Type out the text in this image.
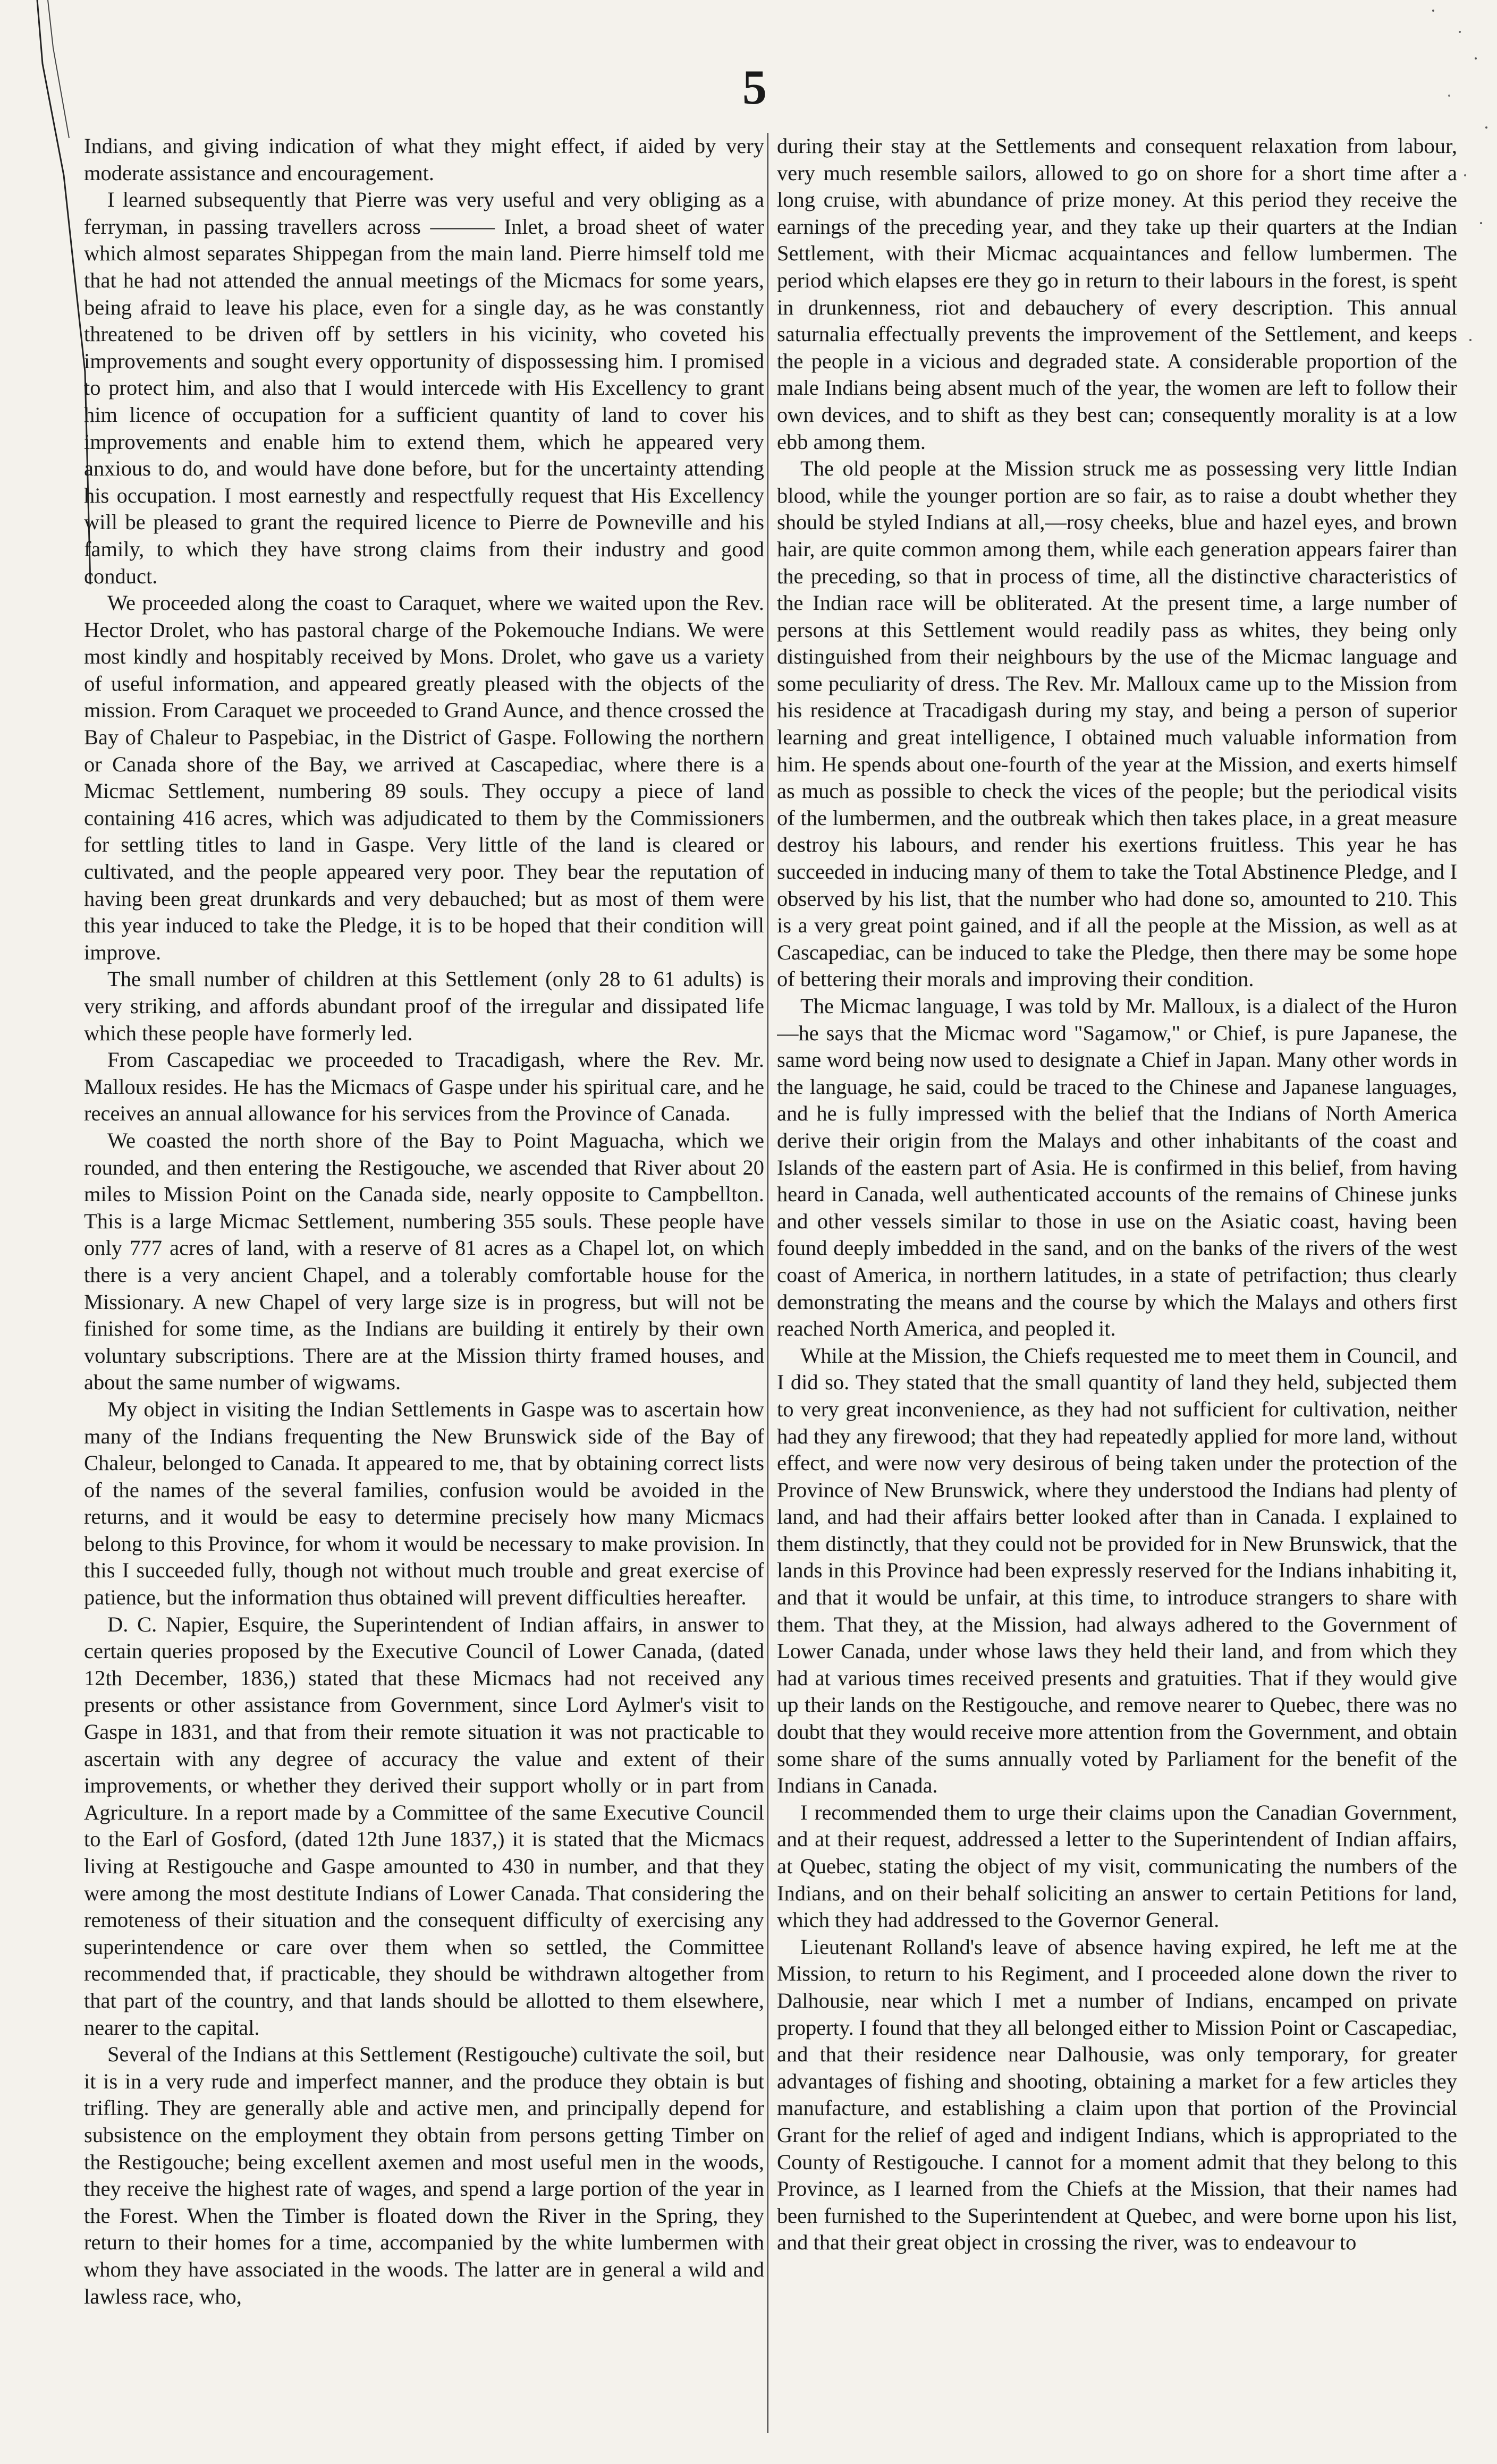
5

Indians, and giving indication of what they might effect, if aided by very moderate assistance and encouragement.

I learned subsequently that Pierre was very useful and very obliging as a ferryman, in passing travellers across ——— Inlet, a broad sheet of water which almost separates Shippegan from the main land. Pierre himself told me that he had not attended the annual meetings of the Micmacs for some years, being afraid to leave his place, even for a single day, as he was constantly threatened to be driven off by settlers in his vicinity, who coveted his improvements and sought every opportunity of dispossessing him. I promised to protect him, and also that I would intercede with His Excellency to grant him licence of occupation for a sufficient quantity of land to cover his improvements and enable him to extend them, which he appeared very anxious to do, and would have done before, but for the uncertainty attending his occupation. I most earnestly and respectfully request that His Excellency will be pleased to grant the required licence to Pierre de Powneville and his family, to which they have strong claims from their industry and good conduct.

We proceeded along the coast to Caraquet, where we waited upon the Rev. Hector Drolet, who has pastoral charge of the Pokemouche Indians. We were most kindly and hospitably received by Mons. Drolet, who gave us a variety of useful information, and appeared greatly pleased with the objects of the mission. From Caraquet we proceeded to Grand Aunce, and thence crossed the Bay of Chaleur to Paspebiac, in the District of Gaspe. Following the northern or Canada shore of the Bay, we arrived at Cascapediac, where there is a Micmac Settlement, numbering 89 souls. They occupy a piece of land containing 416 acres, which was adjudicated to them by the Commissioners for settling titles to land in Gaspe. Very little of the land is cleared or cultivated, and the people appeared very poor. They bear the reputation of having been great drunkards and very debauched; but as most of them were this year induced to take the Pledge, it is to be hoped that their condition will improve.

The small number of children at this Settlement (only 28 to 61 adults) is very striking, and affords abundant proof of the irregular and dissipated life which these people have formerly led.

From Cascapediac we proceeded to Tracadigash, where the Rev. Mr. Malloux resides. He has the Micmacs of Gaspe under his spiritual care, and he receives an annual allowance for his services from the Province of Canada.

We coasted the north shore of the Bay to Point Maguacha, which we rounded, and then entering the Restigouche, we ascended that River about 20 miles to Mission Point on the Canada side, nearly opposite to Campbellton. This is a large Micmac Settlement, numbering 355 souls. These people have only 777 acres of land, with a reserve of 81 acres as a Chapel lot, on which there is a very ancient Chapel, and a tolerably comfortable house for the Missionary. A new Chapel of very large size is in progress, but will not be finished for some time, as the Indians are building it entirely by their own voluntary subscriptions. There are at the Mission thirty framed houses, and about the same number of wigwams.

My object in visiting the Indian Settlements in Gaspe was to ascertain how many of the Indians frequenting the New Brunswick side of the Bay of Chaleur, belonged to Canada. It appeared to me, that by obtaining correct lists of the names of the several families, confusion would be avoided in the returns, and it would be easy to determine precisely how many Micmacs belong to this Province, for whom it would be necessary to make provision. In this I succeeded fully, though not without much trouble and great exercise of patience, but the information thus obtained will prevent difficulties hereafter.

D. C. Napier, Esquire, the Superintendent of Indian affairs, in answer to certain queries proposed by the Executive Council of Lower Canada, (dated 12th December, 1836,) stated that these Micmacs had not received any presents or other assistance from Government, since Lord Aylmer's visit to Gaspe in 1831, and that from their remote situation it was not practicable to ascertain with any degree of accuracy the value and extent of their improvements, or whether they derived their support wholly or in part from Agriculture. In a report made by a Committee of the same Executive Council to the Earl of Gosford, (dated 12th June 1837,) it is stated that the Micmacs living at Restigouche and Gaspe amounted to 430 in number, and that they were among the most destitute Indians of Lower Canada. That considering the remoteness of their situation and the consequent difficulty of exercising any superintendence or care over them when so settled, the Committee recommended that, if practicable, they should be withdrawn altogether from that part of the country, and that lands should be allotted to them elsewhere, nearer to the capital.

Several of the Indians at this Settlement (Restigouche) cultivate the soil, but it is in a very rude and imperfect manner, and the produce they obtain is but trifling. They are generally able and active men, and principally depend for subsistence on the employment they obtain from persons getting Timber on the Restigouche; being excellent axemen and most useful men in the woods, they receive the highest rate of wages, and spend a large portion of the year in the Forest. When the Timber is floated down the River in the Spring, they return to their homes for a time, accompanied by the white lumbermen with whom they have associated in the woods. The latter are in general a wild and lawless race, who,

during their stay at the Settlements and consequent relaxation from labour, very much resemble sailors, allowed to go on shore for a short time after a long cruise, with abundance of prize money. At this period they receive the earnings of the preceding year, and they take up their quarters at the Indian Settlement, with their Micmac acquaintances and fellow lumbermen. The period which elapses ere they go in return to their labours in the forest, is spent in drunkenness, riot and debauchery of every description. This annual saturnalia effectually prevents the improvement of the Settlement, and keeps the people in a vicious and degraded state. A considerable proportion of the male Indians being absent much of the year, the women are left to follow their own devices, and to shift as they best can; consequently morality is at a low ebb among them.

The old people at the Mission struck me as possessing very little Indian blood, while the younger portion are so fair, as to raise a doubt whether they should be styled Indians at all,—rosy cheeks, blue and hazel eyes, and brown hair, are quite common among them, while each generation appears fairer than the preceding, so that in process of time, all the distinctive characteristics of the Indian race will be obliterated. At the present time, a large number of persons at this Settlement would readily pass as whites, they being only distinguished from their neighbours by the use of the Micmac language and some peculiarity of dress. The Rev. Mr. Malloux came up to the Mission from his residence at Tracadigash during my stay, and being a person of superior learning and great intelligence, I obtained much valuable information from him. He spends about one-fourth of the year at the Mission, and exerts himself as much as possible to check the vices of the people; but the periodical visits of the lumbermen, and the outbreak which then takes place, in a great measure destroy his labours, and render his exertions fruitless. This year he has succeeded in inducing many of them to take the Total Abstinence Pledge, and I observed by his list, that the number who had done so, amounted to 210. This is a very great point gained, and if all the people at the Mission, as well as at Cascapediac, can be induced to take the Pledge, then there may be some hope of bettering their morals and improving their condition.

The Micmac language, I was told by Mr. Malloux, is a dialect of the Huron—he says that the Micmac word "Sagamow," or Chief, is pure Japanese, the same word being now used to designate a Chief in Japan. Many other words in the language, he said, could be traced to the Chinese and Japanese languages, and he is fully impressed with the belief that the Indians of North America derive their origin from the Malays and other inhabitants of the coast and Islands of the eastern part of Asia. He is confirmed in this belief, from having heard in Canada, well authenticated accounts of the remains of Chinese junks and other vessels similar to those in use on the Asiatic coast, having been found deeply imbedded in the sand, and on the banks of the rivers of the west coast of America, in northern latitudes, in a state of petrifaction; thus clearly demonstrating the means and the course by which the Malays and others first reached North America, and peopled it.

While at the Mission, the Chiefs requested me to meet them in Council, and I did so. They stated that the small quantity of land they held, subjected them to very great inconvenience, as they had not sufficient for cultivation, neither had they any firewood; that they had repeatedly applied for more land, without effect, and were now very desirous of being taken under the protection of the Province of New Brunswick, where they understood the Indians had plenty of land, and had their affairs better looked after than in Canada. I explained to them distinctly, that they could not be provided for in New Brunswick, that the lands in this Province had been expressly reserved for the Indians inhabiting it, and that it would be unfair, at this time, to introduce strangers to share with them. That they, at the Mission, had always adhered to the Government of Lower Canada, under whose laws they held their land, and from which they had at various times received presents and gratuities. That if they would give up their lands on the Restigouche, and remove nearer to Quebec, there was no doubt that they would receive more attention from the Government, and obtain some share of the sums annually voted by Parliament for the benefit of the Indians in Canada.

I recommended them to urge their claims upon the Canadian Government, and at their request, addressed a letter to the Superintendent of Indian affairs, at Quebec, stating the object of my visit, communicating the numbers of the Indians, and on their behalf soliciting an answer to certain Petitions for land, which they had addressed to the Governor General.

Lieutenant Rolland's leave of absence having expired, he left me at the Mission, to return to his Regiment, and I proceeded alone down the river to Dalhousie, near which I met a number of Indians, encamped on private property. I found that they all belonged either to Mission Point or Cascapediac, and that their residence near Dalhousie, was only temporary, for greater advantages of fishing and shooting, obtaining a market for a few articles they manufacture, and establishing a claim upon that portion of the Provincial Grant for the relief of aged and indigent Indians, which is appropriated to the County of Restigouche. I cannot for a moment admit that they belong to this Province, as I learned from the Chiefs at the Mission, that their names had been furnished to the Superintendent at Quebec, and were borne upon his list, and that their great object in crossing the river, was to endeavour to
